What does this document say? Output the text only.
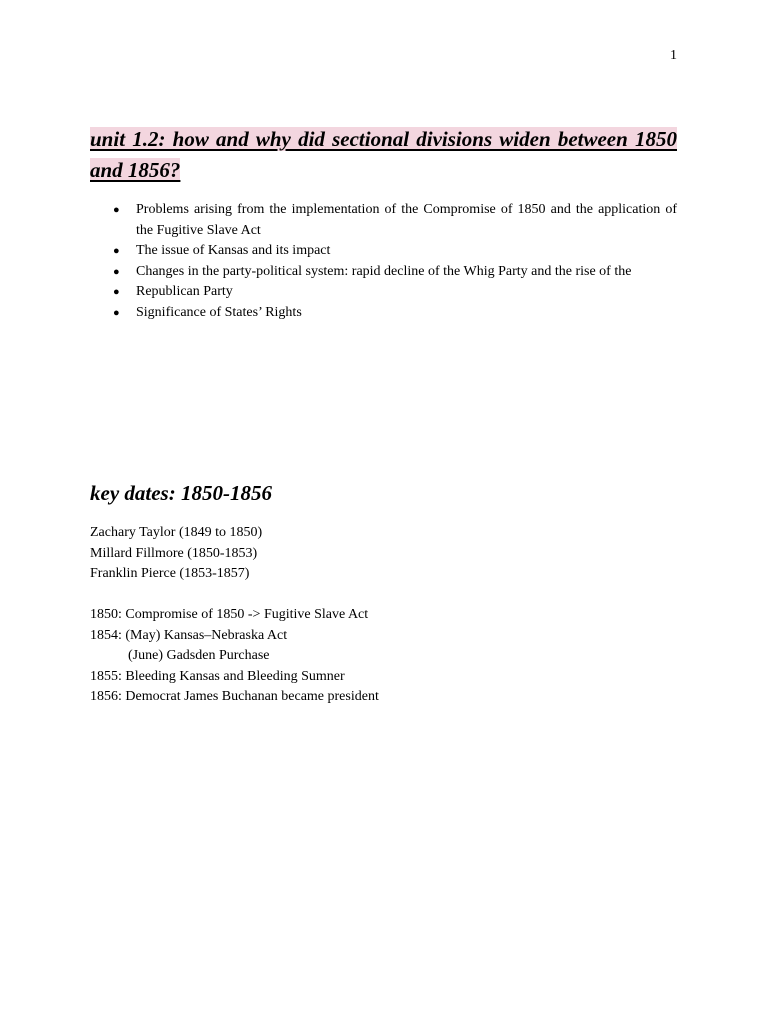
1
unit 1.2: how and why did sectional divisions widen between 1850 and 1856?
● Problems arising from the implementation of the Compromise of 1850 and the application of the Fugitive Slave Act
● The issue of Kansas and its impact
● Changes in the party-political system: rapid decline of the Whig Party and the rise of the
● Republican Party
● Significance of States’ Rights
key dates: 1850-1856
Zachary Taylor (1849 to 1850)
Millard Fillmore (1850-1853)
Franklin Pierce (1853-1857)
1850: Compromise of 1850 -> Fugitive Slave Act
1854: (May) Kansas–Nebraska Act
(June) Gadsden Purchase
1855: Bleeding Kansas and Bleeding Sumner
1856: Democrat James Buchanan became president
